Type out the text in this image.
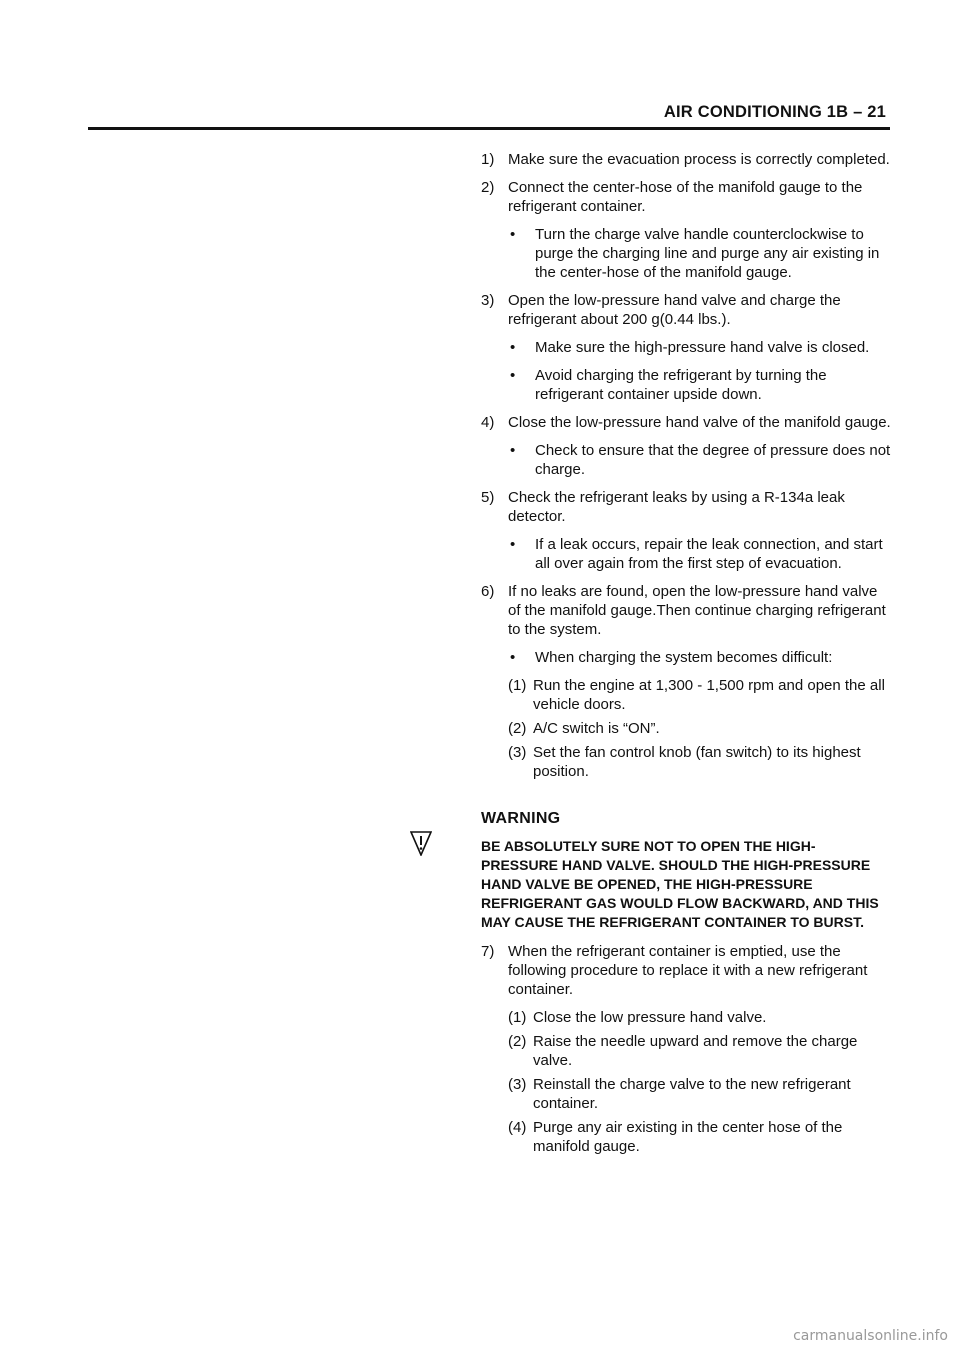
AIR CONDITIONING 1B – 21
1) Make sure the evacuation process is correctly completed.
2) Connect the center-hose of the manifold gauge to the refrigerant container.
•	Turn the charge valve handle counterclockwise to purge the charging line and purge any air existing in the center-hose of the manifold gauge.
3) Open the low-pressure hand valve and charge the refrigerant about 200 g(0.44 lbs.).
•	Make sure the high-pressure hand valve is closed.
•	Avoid charging the refrigerant by turning the refrigerant container upside down.
4) Close the low-pressure hand valve of the manifold gauge.
•	Check to ensure that the degree of pressure does not charge.
5) Check the refrigerant leaks by using a R-134a leak detector.
•	If a leak occurs, repair the leak connection, and start all over again from the first step of evacuation.
6) If no leaks are found, open the low-pressure hand valve of the manifold gauge.Then continue charging refrigerant to the system.
•	When charging the system becomes difficult:
(1) Run the engine at 1,300 - 1,500 rpm and open the all vehicle doors.
(2) A/C switch is “ON”.
(3) Set the fan control knob (fan switch) to its highest position.
WARNING
BE ABSOLUTELY SURE NOT TO OPEN THE HIGH-PRESSURE HAND VALVE. SHOULD THE HIGH-PRESSURE HAND VALVE BE OPENED, THE HIGH-PRESSURE REFRIGERANT GAS WOULD FLOW BACKWARD, AND THIS MAY CAUSE THE REFRIGERANT CONTAINER TO BURST.
7) When the refrigerant container is emptied, use the following procedure to replace it with a new refrigerant container.
(1) Close the low pressure hand valve.
(2) Raise the needle upward and remove the charge valve.
(3) Reinstall the charge valve to the new refrigerant container.
(4) Purge any air existing in the center hose of the manifold gauge.
carmanualsonline.info
